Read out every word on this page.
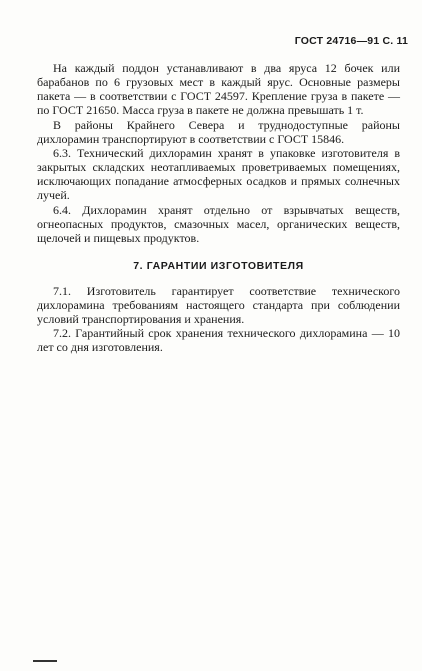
ГОСТ 24716—91 С. 11

На каждый поддон устанавливают в два яруса 12 бочек или барабанов по 6 грузовых мест в каждый ярус. Основные размеры пакета — в соответствии с ГОСТ 24597. Крепление груза в пакете — по ГОСТ 21650. Масса груза в пакете не должна превышать 1 т.

В районы Крайнего Севера и труднодоступные районы дихлорамин транспортируют в соответствии с ГОСТ 15846.

6.3. Технический дихлорамин хранят в упаковке изготовителя в закрытых складских неотапливаемых проветриваемых помещениях, исключающих попадание атмосферных осадков и прямых солнечных лучей.

6.4. Дихлорамин хранят отдельно от взрывчатых веществ, огнеопасных продуктов, смазочных масел, органических веществ, щелочей и пищевых продуктов.

7. ГАРАНТИИ ИЗГОТОВИТЕЛЯ

7.1. Изготовитель гарантирует соответствие технического дихлорамина требованиям настоящего стандарта при соблюдении условий транспортирования и хранения.

7.2. Гарантийный срок хранения технического дихлорамина — 10 лет со дня изготовления.
